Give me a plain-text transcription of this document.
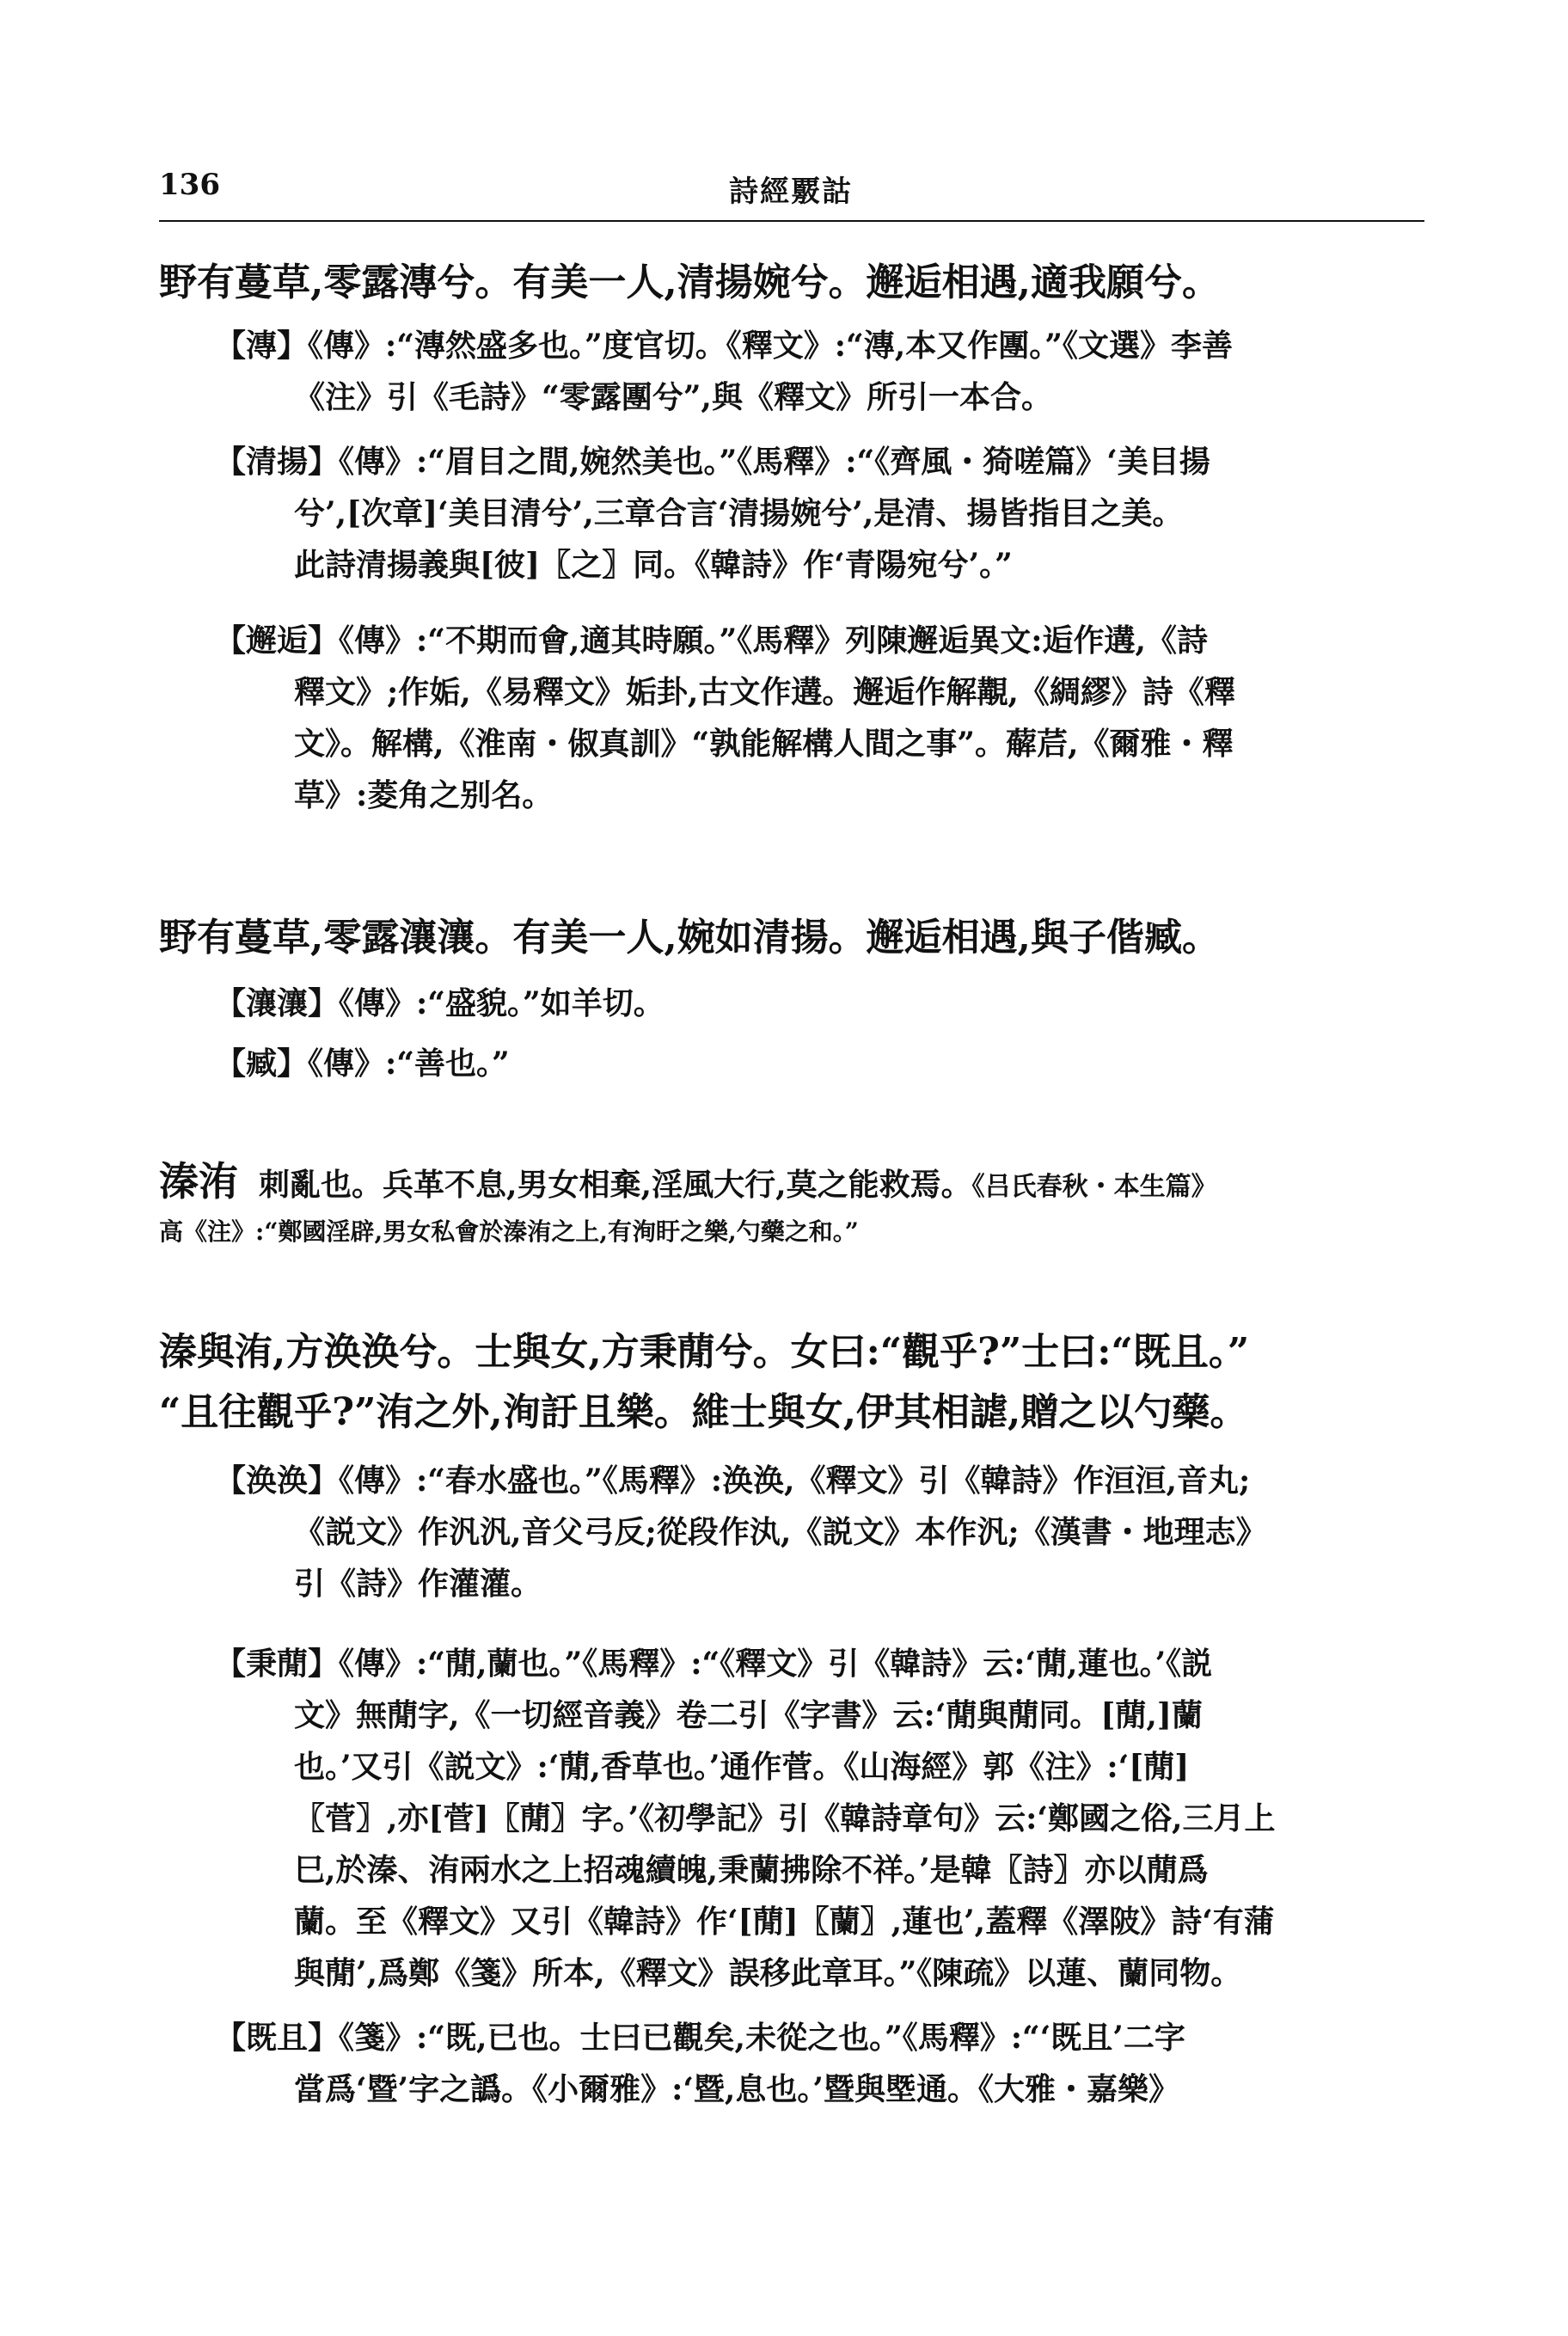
136	詩經覈詁
野有蔓草,零露漙兮。有美一人,清揚婉兮。邂逅相遇,適我願兮。
【漙】《傳》:“漙然盛多也。”度官切。《釋文》:“漙,本又作團。”《文選》李善
《注》引《毛詩》“零露團兮”,與《釋文》所引一本合。
【清揚】《傳》:“眉目之間,婉然美也。”《馬釋》:“《齊風・猗嗟篇》‘美目揚
兮’,[次章]‘美目清兮’,三章合言‘清揚婉兮’,是清、揚皆指目之美。
此詩清揚義與[彼]〖之〗同。《韓詩》作‘青陽宛兮’。”
【邂逅】《傳》:“不期而會,適其時願。”《馬釋》列陳邂逅異文:逅作遘,《詩
釋文》;作姤,《易釋文》姤卦,古文作遘。邂逅作解覯,《綢繆》詩《釋
文》。解構,《淮南・俶真訓》“孰能解構人間之事”。薢茩,《爾雅・釋
草》:菱角之别名。
野有蔓草,零露瀼瀼。有美一人,婉如清揚。邂逅相遇,與子偕臧。
【瀼瀼】《傳》:“盛貌。”如羊切。
【臧】《傳》:“善也。”
溱洧 刺亂也。兵革不息,男女相棄,淫風大行,莫之能救焉。《吕氏春秋・本生篇》
高《注》:“鄭國淫辟,男女私會於溱洧之上,有洵盱之樂,勺藥之和。”
溱與洧,方涣涣兮。士與女,方秉蕑兮。女曰:“觀乎?”士曰:“既且。”
“且往觀乎?”洧之外,洵訏且樂。維士與女,伊其相謔,贈之以勺藥。
【涣涣】《傳》:“春水盛也。”《馬釋》:涣涣,《釋文》引《韓詩》作洹洹,音丸;
《説文》作汎汎,音父弓反;從段作汍,《説文》本作汎;《漢書・地理志》
引《詩》作灌灌。
【秉蕑】《傳》:“蕑,蘭也。”《馬釋》:“《釋文》引《韓詩》云:‘蕑,蓮也。’《説
文》無蕑字,《一切經音義》卷二引《字書》云:‘蕑與蕑同。[蕑,]蘭
也。’又引《説文》:‘蕑,香草也。’通作菅。《山海經》郭《注》:‘[蕑]
〖菅〗,亦[菅]〖蕑〗字。’《初學記》引《韓詩章句》云:‘鄭國之俗,三月上
巳,於溱、洧兩水之上招魂續魄,秉蘭拂除不祥。’是韓〖詩〗亦以蕑爲
蘭。至《釋文》又引《韓詩》作‘[蕑]〖蘭〗,蓮也’,蓋釋《澤陂》詩‘有蒲
與蕑’,爲鄭《箋》所本,《釋文》誤移此章耳。”《陳疏》以蓮、蘭同物。
【既且】《箋》:“既,已也。士曰已觀矣,未從之也。”《馬釋》:“‘既且’二字
當爲‘暨’字之譌。《小爾雅》:‘暨,息也。’暨與塈通。《大雅・嘉樂》
